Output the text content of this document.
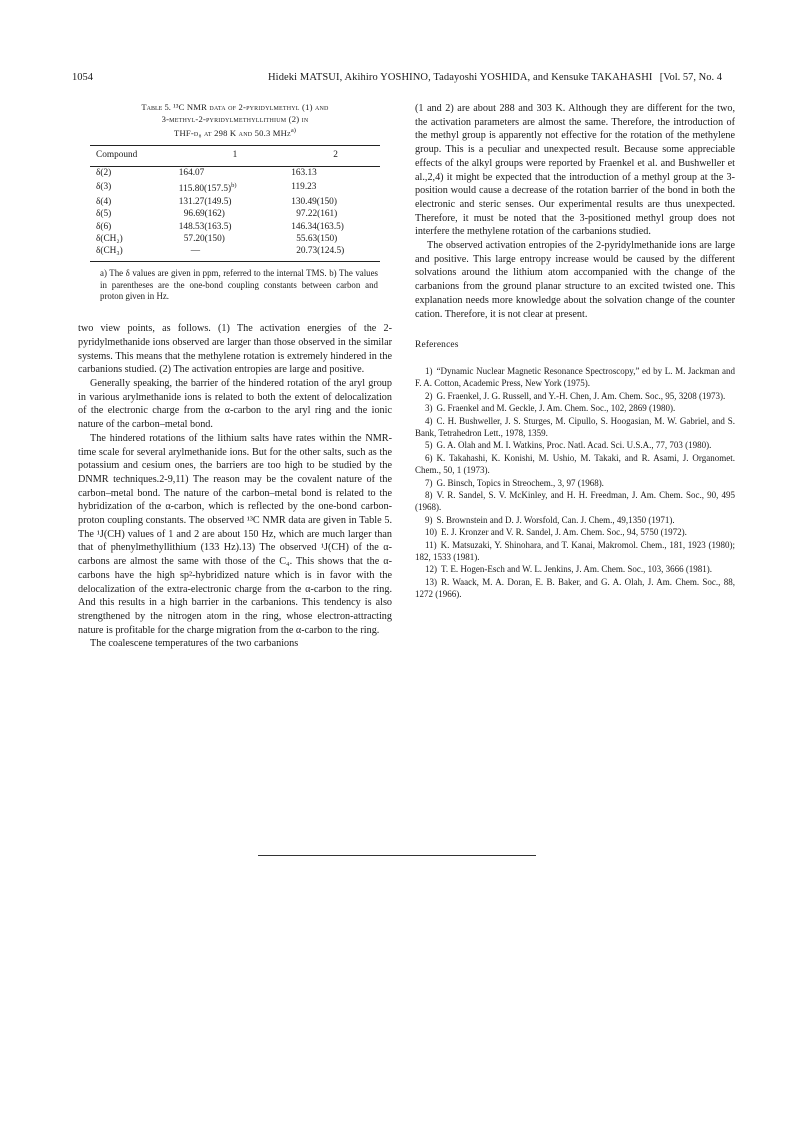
1054	Hideki MATSUI, Akihiro YOSHINO, Tadayoshi YOSHIDA, and Kensuke TAKAHASHI [Vol. 57, No. 4
Table 5. ¹³C NMR data of 2-pyridylmethyl (1) and
3-methyl-2-pyridylmethyllithium (2) in
THF-d₈ at 298 K and 50.3 MHz$^{a)}$
Compound	1	2
δ(2)	164.07	163.13
δ(3)	$115.80(157.5)^{b)}$	119.23
δ(4)	131.27(149.5)	130.49(150)
δ(5)	96.69(162)	97.22(161)
δ(6)	148.53(163.5)	146.34(163.5)
δ(CH₂)	57.20(150)	55.63(150)
δ(CH₃)	—	20.73(124.5)

a) The δ values are given in ppm, referred to the internal TMS. b) The values in parentheses are the one-bond coupling constants between carbon and proton given in Hz.

two view points, as follows. (1) The activation energies of the 2-pyridylmethanide ions observed are larger than those observed in the similar systems. This means that the methylene rotation is extremely hindered in the carbanions studied. (2) The activation entropies are large and positive.

Generally speaking, the barrier of the hindered rotation of the aryl group in various arylmethanide ions is related to both the extent of delocalization of the electronic charge from the α-carbon to the aryl ring and the ionic nature of the carbon–metal bond.

The hindered rotations of the lithium salts have rates within the NMR-time scale for several arylmethanide ions. But for the other salts, such as the potassium and cesium ones, the barriers are too high to be studied by the DNMR techniques.2-9,11) The reason may be the covalent nature of the carbon–metal bond. The nature of the carbon–metal bond is related to the hybridization of the α-carbon, which is reflected by the one-bond carbon-proton coupling constants. The observed ¹³C NMR data are given in Table 5. The ¹J(CH) values of 1 and 2 are about 150 Hz, which are much larger than that of phenylmethyllithium (133 Hz).13) The observed ¹J(CH) of the α-carbons are almost the same with those of the C₄. This shows that the α-carbons have the high sp²-hybridized nature which is in favor with the delocalization of the extra-electronic charge from the α-carbon to the ring. And this results in a high barrier in the carbanions. This tendency is also strengthened by the nitrogen atom in the ring, whose electron-attracting nature is profitable for the charge migration from the α-carbon to the ring.

The coalescene temperatures of the two carbanions

(1 and 2) are about 288 and 303 K. Although they are different for the two, the activation parameters are almost the same. Therefore, the introduction of the methyl group is apparently not effective for the rotation of the methylene group. This is a peculiar and unexpected result. Because some appreciable effects of the alkyl groups were reported by Fraenkel et al. and Bushweller et al.,2,4) it might be expected that the introduction of a methyl group at the 3-position would cause a decrease of the rotation barrier of the bond in both the electronic and steric senses. Our experimental results are thus unexpected. Therefore, it must be noted that the 3-positioned methyl group does not interfere the methylene rotation of the carbanions studied.

The observed activation entropies of the 2-pyridylmethanide ions are large and positive. This large entropy increase would be caused by the different solvations around the lithium atom accompanied with the change of the carbanions from the ground planar structure to an excited twisted one. This explanation needs more knowledge about the solvation change of the counter cation. Therefore, it is not clear at present.

References
1) “Dynamic Nuclear Magnetic Resonance Spectroscopy,” ed by L. M. Jackman and F. A. Cotton, Academic Press, New York (1975).
2) G. Fraenkel, J. G. Russell, and Y.-H. Chen, J. Am. Chem. Soc., 95, 3208 (1973).
3) G. Fraenkel and M. Geckle, J. Am. Chem. Soc., 102, 2869 (1980).
4) C. H. Bushweller, J. S. Sturges, M. Cipullo, S. Hoogasian, M. W. Gabriel, and S. Bank, Tetrahedron Lett., 1978, 1359.
5) G. A. Olah and M. I. Watkins, Proc. Natl. Acad. Sci. U.S.A., 77, 703 (1980).
6) K. Takahashi, K. Konishi, M. Ushio, M. Takaki, and R. Asami, J. Organomet. Chem., 50, 1 (1973).
7) G. Binsch, Topics in Streochem., 3, 97 (1968).
8) V. R. Sandel, S. V. McKinley, and H. H. Freedman, J. Am. Chem. Soc., 90, 495 (1968).
9) S. Brownstein and D. J. Worsfold, Can. J. Chem., 49,1350 (1971).
10) E. J. Kronzer and V. R. Sandel, J. Am. Chem. Soc., 94, 5750 (1972).
11) K. Matsuzaki, Y. Shinohara, and T. Kanai, Makromol. Chem., 181, 1923 (1980); 182, 1533 (1981).
12) T. E. Hogen-Esch and W. L. Jenkins, J. Am. Chem. Soc., 103, 3666 (1981).
13) R. Waack, M. A. Doran, E. B. Baker, and G. A. Olah, J. Am. Chem. Soc., 88, 1272 (1966).
